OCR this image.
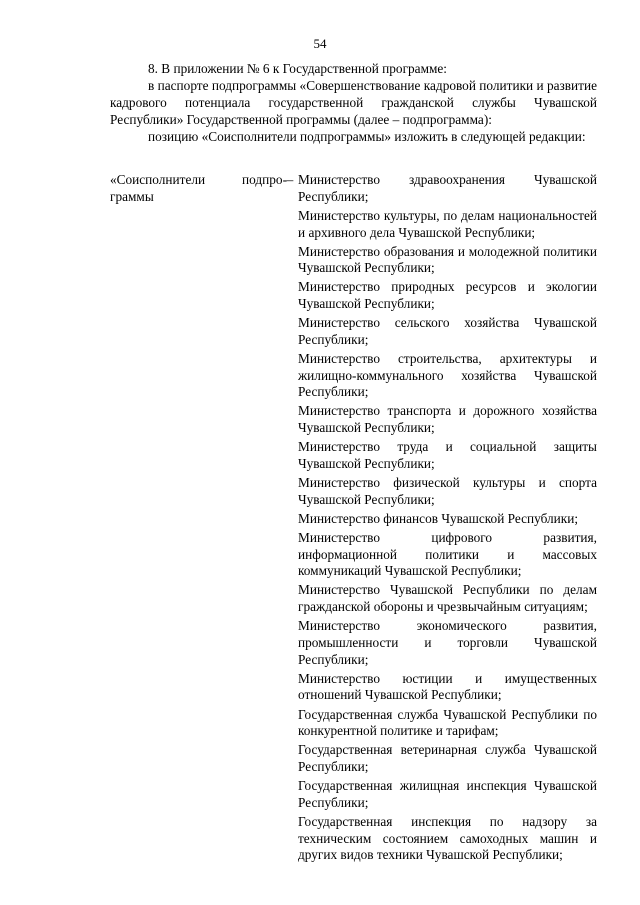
54

8. В приложении № 6 к Государственной программе:

в паспорте подпрограммы «Совершенствование кадровой политики и развитие кадрового потенциала государственной гражданской службы Чувашской Республики» Государственной программы (далее – подпрограмма):

позицию «Соисполнители подпрограммы» изложить в следующей редакции:

«Соисполнители подпро-
граммы
– Министерство здравоохранения Чувашской Республики;
Министерство культуры, по делам национальностей и архивного дела Чувашской Республики;
Министерство образования и молодежной политики Чувашской Республики;
Министерство природных ресурсов и экологии Чувашской Республики;
Министерство сельского хозяйства Чувашской Республики;
Министерство строительства, архитектуры и жилищно-коммунального хозяйства Чувашской Республики;
Министерство транспорта и дорожного хозяйства Чувашской Республики;
Министерство труда и социальной защиты Чувашской Республики;
Министерство физической культуры и спорта Чувашской Республики;
Министерство финансов Чувашской Республики;
Министерство цифрового развития, информационной политики и массовых коммуникаций Чувашской Республики;
Министерство Чувашской Республики по делам гражданской обороны и чрезвычайным ситуациям;
Министерство экономического развития, промышленности и торговли Чувашской Республики;
Министерство юстиции и имущественных отношений Чувашской Республики;
Государственная служба Чувашской Республики по конкурентной политике и тарифам;
Государственная ветеринарная служба Чувашской Республики;
Государственная жилищная инспекция Чувашской Республики;
Государственная инспекция по надзору за техническим состоянием самоходных машин и других видов техники Чувашской Республики;
